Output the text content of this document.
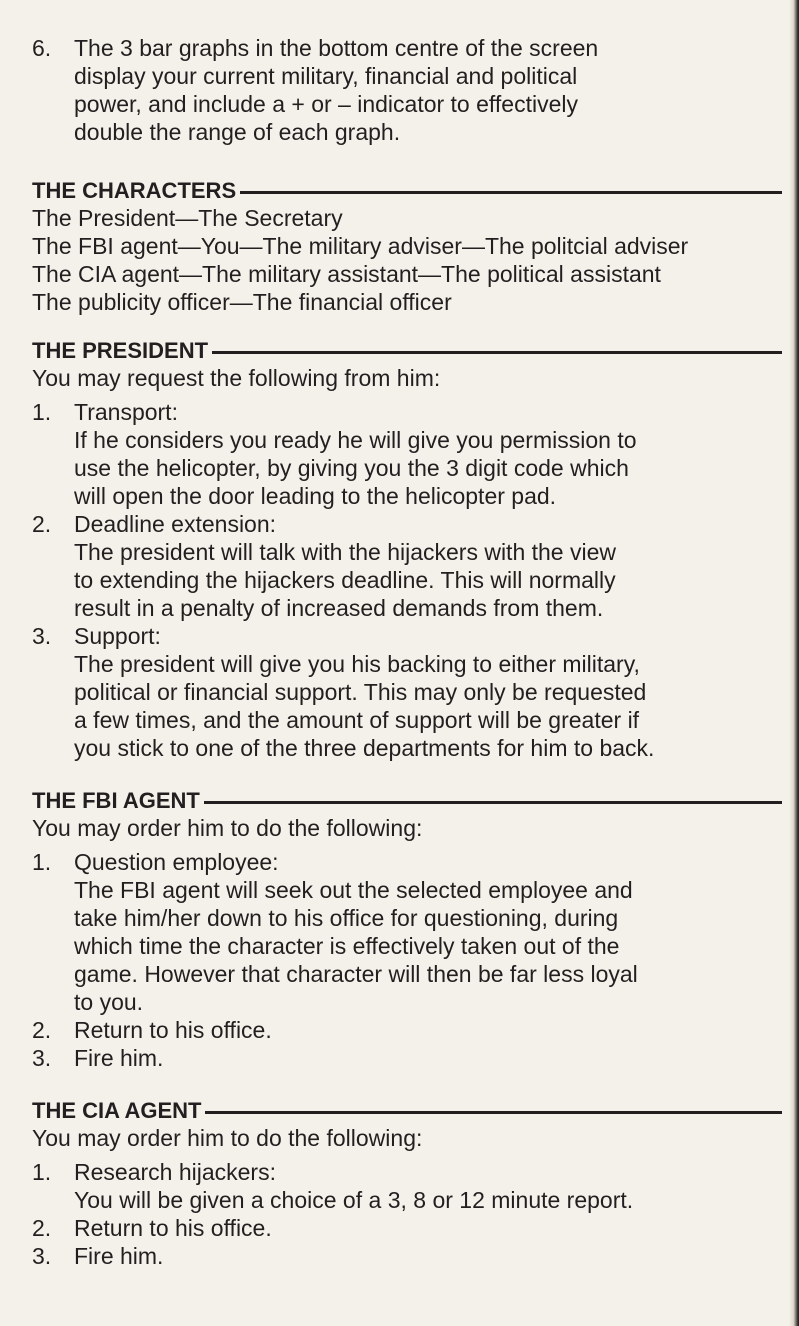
6. The 3 bar graphs in the bottom centre of the screen

display your current military, financial and political

power, and include a + or – indicator to effectively

double the range of each graph.

THE CHARACTERS

The President—The Secretary

The FBI agent—You—The military adviser—The politcial adviser

The CIA agent—The military assistant—The political assistant

The publicity officer—The financial officer

THE PRESIDENT

You may request the following from him:

1. Transport:

If he considers you ready he will give you permission to

use the helicopter, by giving you the 3 digit code which

will open the door leading to the helicopter pad.

2. Deadline extension:

The president will talk with the hijackers with the view

to extending the hijackers deadline. This will normally

result in a penalty of increased demands from them.

3. Support:

The president will give you his backing to either military,

political or financial support. This may only be requested

a few times, and the amount of support will be greater if

you stick to one of the three departments for him to back.

THE FBI AGENT

You may order him to do the following:

1. Question employee:

The FBI agent will seek out the selected employee and

take him/her down to his office for questioning, during

which time the character is effectively taken out of the

game. However that character will then be far less loyal

to you.

2. Return to his office.

3. Fire him.

THE CIA AGENT

You may order him to do the following:

1. Research hijackers:

You will be given a choice of a 3, 8 or 12 minute report.

2. Return to his office.

3. Fire him.
